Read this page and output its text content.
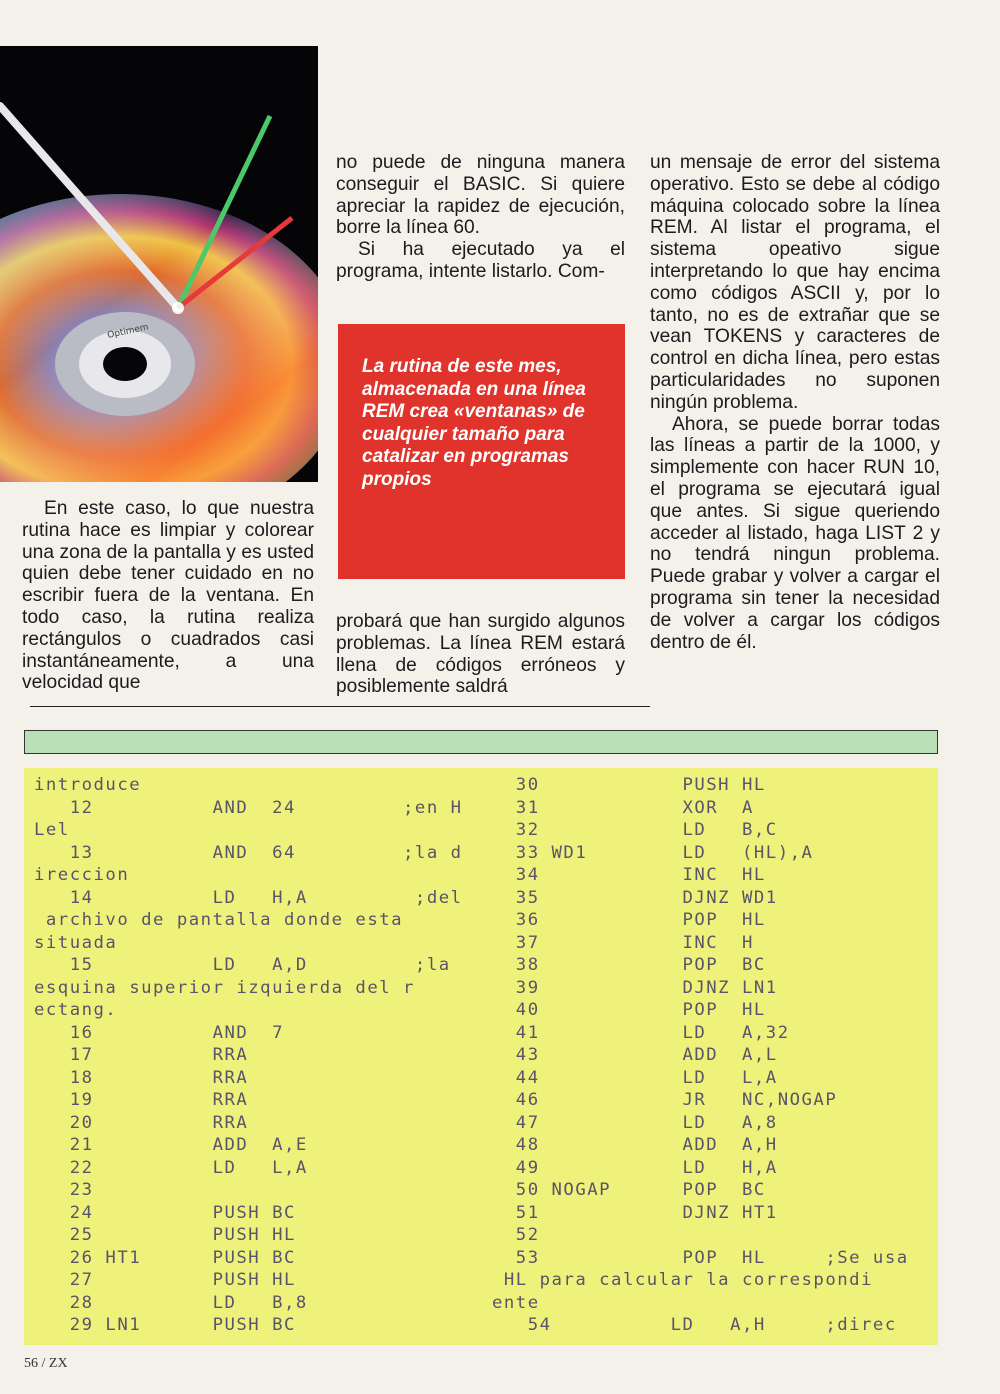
Optimem

En este caso, lo que nuestra rutina hace es limpiar y colorear una zona de la pantalla y es usted quien debe tener cuidado en no escribir fuera de la ventana. En todo caso, la rutina realiza rectángulos o cuadrados casi instantáneamente, a una velocidad que

no puede de ninguna manera conseguir el BASIC. Si quiere apreciar la rapidez de ejecución, borre la línea 60.

Si ha ejecutado ya el programa, intente listarlo. Com-

probará que han surgido algunos problemas. La línea REM estará llena de códigos erróneos y posiblemente saldrá

La rutina de este mes, almacenada en una línea REM crea «ventanas» de cualquier tamaño para catalizar en programas propios

un mensaje de error del sistema operativo. Esto se debe al código máquina colocado sobre la línea REM. Al listar el programa, el sistema opeativo sigue interpretando lo que hay encima como códigos ASCII y, por lo tanto, no es de extrañar que se vean TOKENS y caracteres de control en dicha línea, pero estas particularidades no suponen ningún problema.

Ahora, se puede borrar todas las líneas a partir de la 1000, y simplemente con hacer RUN 10, el programa se ejecutará igual que antes. Si sigue queriendo acceder al listado, haga LIST 2 y no tendrá ningun problema. Puede grabar y volver a cargar el programa sin tener la necesidad de volver a cargar los códigos dentro de él.

introduce
12          AND  24         ;en H
Lel
13          AND  64         ;la d
ireccion
14          LD   H,A         ;del
archivo de pantalla donde esta
situada
15          LD   A,D         ;la
esquina superior izquierda del r
ectang.
16          AND  7
17          RRA
18          RRA
19          RRA
20          RRA
21          ADD  A,E
22          LD   L,A
23
24          PUSH BC
25          PUSH HL
26 HT1      PUSH BC
27          PUSH HL
28          LD   B,8
29 LN1      PUSH BC
30            PUSH HL
31            XOR  A
32            LD   B,C
33 WD1        LD   (HL),A
34            INC  HL
35            DJNZ WD1
36            POP  HL
37            INC  H
38            POP  BC
39            DJNZ LN1
40            POP  HL
41            LD   A,32
43            ADD  A,L
44            LD   L,A
46            JR   NC,NOGAP
47            LD   A,8
48            ADD  A,H
49            LD   H,A
50 NOGAP      POP  BC
51            DJNZ HT1
52
53            POP  HL     ;Se usa
HL para calcular la correspondi
ente
54          LD   A,H     ;direc
56 / ZX
